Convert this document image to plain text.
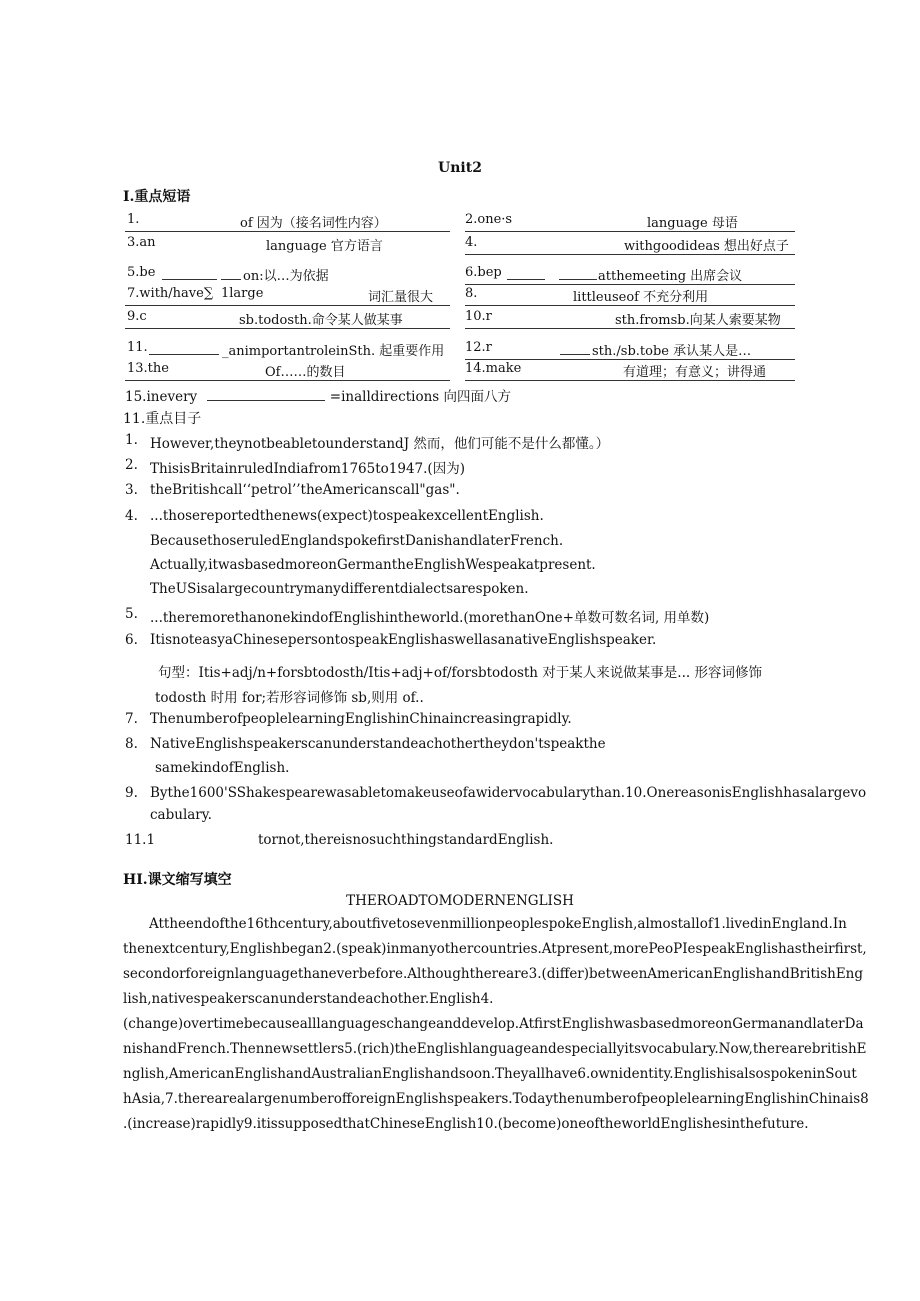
Unit2
I.重点短语
1.	of 因为（接名词性内容）	2.one·s	language 母语
3.an	language 官方语言	4.	withgoodideas 想出好点子
5.be	on:以…为依据	6.bep	atthemeeting 出席会议
7.with/have∑ 1large	词汇量很大 8.	littleuseof 不充分利用
9.c	sb.todosth.命令某人做某事	10.r	sth.fromsb.向某人索要某物
11.	_animportantroleinSth. 起重要作用 12.r	sth./sb.tobe 承认某人是…
13.the	Of……的数目	14.make	有道理；有意义；讲得通
15.inevery	=inalldirections 向四面八方
11.重点目子
1. However,theynotbeabletounderstandJ 然而，他们可能不是什么都懂。）
2. ThisisBritainruledIndiafrom1765to1947.(因为)
3. theBritishcall‘‘petrol’’theAmericanscall"gas".
4. ...thosereportedthenews(expect)tospeakexcellentEnglish.
BecausethoseruledEnglandspokefirstDanishandlaterFrench.
Actually,itwasbasedmoreonGermantheEnglishWespeakatpresent.
TheUSisalargecountrymanydifferentdialectsarespoken.
5. ...theremorethanonekindofEnglishintheworld.(morethanOne+单数可数名词, 用单数)
6. ItisnoteasyaChinesepersontospeakEnglishaswellasanativeEnglishspeaker.
句型：Itis+adj/n+forsbtodosth/Itis+adj+of/forsbtodosth 对于某人来说做某事是... 形容词修饰
todosth 时用 for;若形容词修饰 sb,则用 of..
7. ThenumberofpeoplelearningEnglishinChinaincreasingrapidly.
8. NativeEnglishspeakerscanunderstandeachothertheydon'tspeakthe
samekindofEnglish.
9. Bythe1600'SShakespearewasabletomakeuseofawidervocabularythan.10.OnereasonisEnglishhasalargevo
cabulary.
11.1	tornot,thereisnosuchthingstandardEnglish.
HI.课文缩写填空
THEROADTOMODERNENGLISH
Attheendofthe16thcentury,aboutfivetosevenmillionpeoplespokeEnglish,almostallof1.livedinEngland.In
thenextcentury,Englishbegan2.(speak)inmanyothercountries.Atpresent,morePeoPIespeakEnglishastheirfirst,
secondorforeignlanguagethaneverbefore.Althoughthereare3.(differ)betweenAmericanEnglishandBritishEng
lish,nativespeakerscanunderstandeachother.English4.
(change)overtimebecausealllanguageschangeanddevelop.AtfirstEnglishwasbasedmoreonGermanandlaterDa
nishandFrench.Thennewsettlers5.(rich)theEnglishlanguageandespeciallyitsvocabulary.Now,therearebritishE
nglish,AmericanEnglishandAustralianEnglishandsoon.Theyallhave6.ownidentity.EnglishisalsospokeninSout
hAsia,7.therearealargenumberofforeignEnglishspeakers.TodaythenumberofpeoplelearningEnglishinChinais8
.(increase)rapidly9.itissupposedthatChineseEnglish10.(become)oneoftheworldEnglishesinthefuture.
